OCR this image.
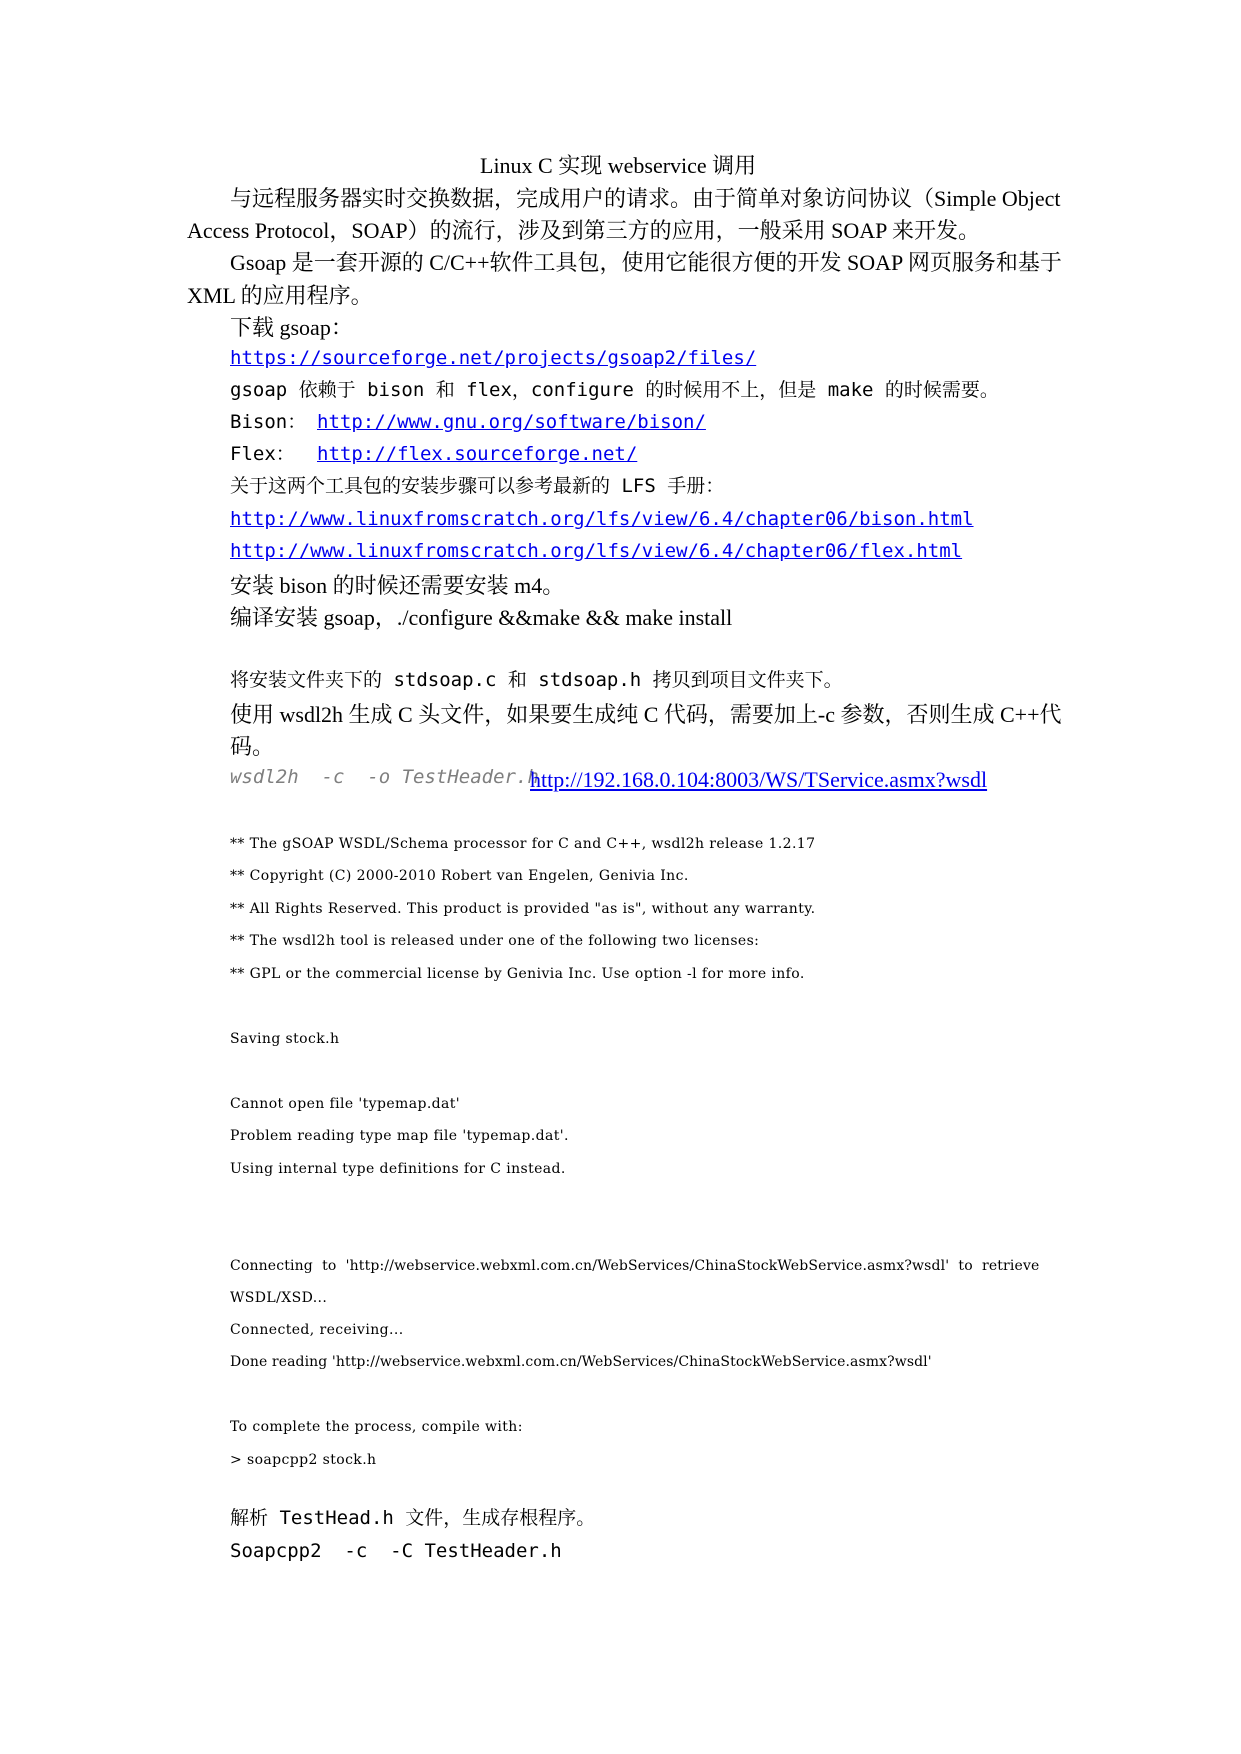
Linux C 实现 webservice 调用
与远程服务器实时交换数据，完成用户的请求。由于简单对象访问协议（Simple Object
Access Protocol，SOAP）的流行，涉及到第三方的应用，一般采用 SOAP 来开发。
Gsoap 是一套开源的 C/C++软件工具包，使用它能很方便的开发 SOAP 网页服务和基于
XML 的应用程序。
下载 gsoap：
https://sourceforge.net/projects/gsoap2/files/
gsoap 依赖于 bison 和 flex，configure 的时候用不上，但是 make 的时候需要。
Bison： http://www.gnu.org/software/bison/
Flex： http://flex.sourceforge.net/
关于这两个工具包的安装步骤可以参考最新的 LFS 手册：
http://www.linuxfromscratch.org/lfs/view/6.4/chapter06/bison.html
http://www.linuxfromscratch.org/lfs/view/6.4/chapter06/flex.html
安装 bison 的时候还需要安装 m4。
编译安装 gsoap，./configure &&make && make install
将安装文件夹下的 stdsoap.c 和 stdsoap.h 拷贝到项目文件夹下。
使用 wsdl2h 生成 C 头文件，如果要生成纯 C 代码，需要加上-c 参数，否则生成 C++代
码。
wsdl2h  -c  -o TestHeader.h
http://192.168.0.104:8003/WS/TService.asmx?wsdl
** The gSOAP WSDL/Schema processor for C and C++, wsdl2h release 1.2.17
** Copyright (C) 2000-2010 Robert van Engelen, Genivia Inc.
** All Rights Reserved. This product is provided "as is", without any warranty.
** The wsdl2h tool is released under one of the following two licenses:
** GPL or the commercial license by Genivia Inc. Use option -l for more info.
Saving stock.h
Cannot open file 'typemap.dat'
Problem reading type map file 'typemap.dat'.
Using internal type definitions for C instead.
Connecting  to  'http://webservice.webxml.com.cn/WebServices/ChinaStockWebService.asmx?wsdl'  to  retrieve
WSDL/XSD...
Connected, receiving...
Done reading 'http://webservice.webxml.com.cn/WebServices/ChinaStockWebService.asmx?wsdl'
To complete the process, compile with:
> soapcpp2 stock.h
解析 TestHead.h 文件，生成存根程序。
Soapcpp2  -c  -C TestHeader.h
